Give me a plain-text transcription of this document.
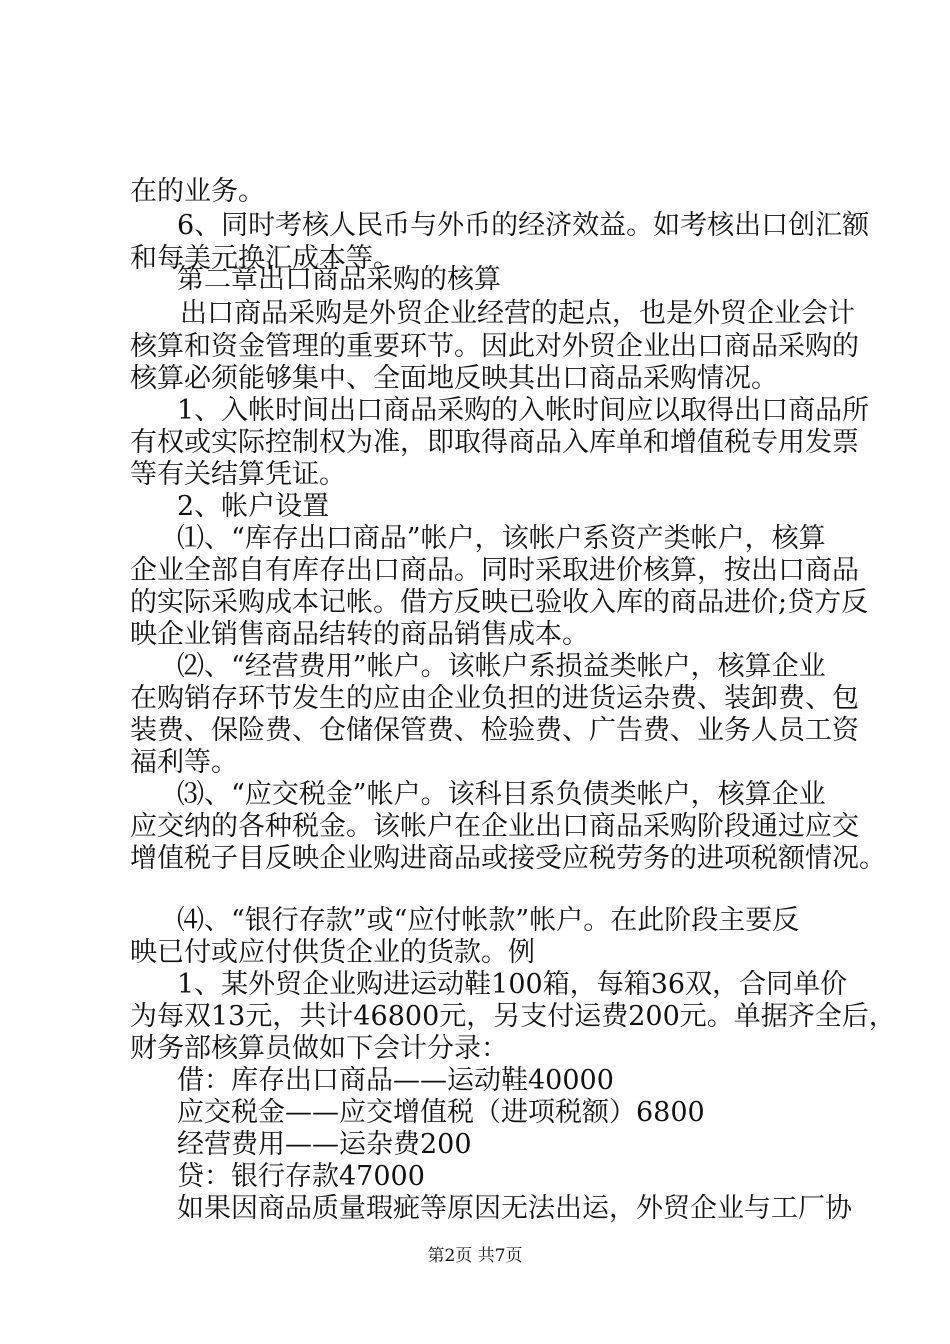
在的业务。
6、同时考核人民币与外币的经济效益。如考核出口创汇额
和每美元换汇成本等。
第二章出口商品采购的核算
出口商品采购是外贸企业经营的起点，也是外贸企业会计
核算和资金管理的重要环节。因此对外贸企业出口商品采购的
核算必须能够集中、全面地反映其出口商品采购情况。
1、入帐时间出口商品采购的入帐时间应以取得出口商品所
有权或实际控制权为准，即取得商品入库单和增值税专用发票
等有关结算凭证。
2、帐户设置
⑴、“库存出口商品”帐户，该帐户系资产类帐户，核算
企业全部自有库存出口商品。同时采取进价核算，按出口商品
的实际采购成本记帐。借方反映已验收入库的商品进价;贷方反
映企业销售商品结转的商品销售成本。
⑵、“经营费用”帐户。该帐户系损益类帐户，核算企业
在购销存环节发生的应由企业负担的进货运杂费、装卸费、包
装费、保险费、仓储保管费、检验费、广告费、业务人员工资
福利等。
⑶、“应交税金”帐户。该科目系负债类帐户，核算企业
应交纳的各种税金。该帐户在企业出口商品采购阶段通过应交
增值税子目反映企业购进商品或接受应税劳务的进项税额情况。
⑷、“银行存款”或“应付帐款”帐户。在此阶段主要反
映已付或应付供货企业的货款。例
1、某外贸企业购进运动鞋100箱，每箱36双，合同单价
为每双13元，共计46800元，另支付运费200元。单据齐全后，
财务部核算员做如下会计分录：
借：库存出口商品——运动鞋40000
应交税金——应交增值税（进项税额）6800
经营费用——运杂费200
贷：银行存款47000
如果因商品质量瑕疵等原因无法出运，外贸企业与工厂协
第2页 共7页
